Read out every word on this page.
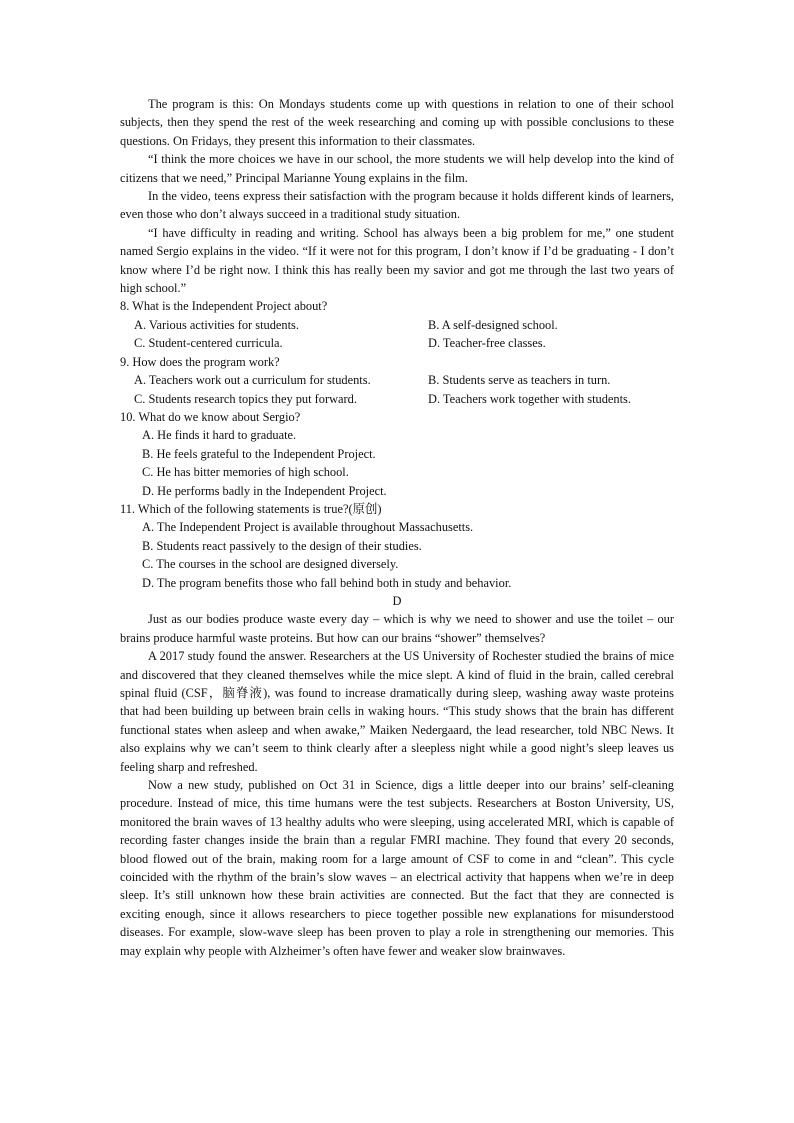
The program is this: On Mondays students come up with questions in relation to one of their school subjects, then they spend the rest of the week researching and coming up with possible conclusions to these questions. On Fridays, they present this information to their classmates.

“I think the more choices we have in our school, the more students we will help develop into the kind of citizens that we need,” Principal Marianne Young explains in the film.

In the video, teens express their satisfaction with the program because it holds different kinds of learners, even those who don’t always succeed in a traditional study situation.

“I have difficulty in reading and writing. School has always been a big problem for me,” one student named Sergio explains in the video. “If it were not for this program, I don’t know if I’d be graduating - I don’t know where I’d be right now. I think this has really been my savior and got me through the last two years of high school.”

8. What is the Independent Project about?

A. Various activities for students.	B. A self-designed school.
C. Student-centered curricula.	D. Teacher-free classes.

9. How does the program work?

A. Teachers work out a curriculum for students.	B. Students serve as teachers in turn.
C. Students research topics they put forward.	D. Teachers work together with students.

10. What do we know about Sergio?

A. He finds it hard to graduate.
B. He feels grateful to the Independent Project.
C. He has bitter memories of high school.
D. He performs badly in the Independent Project.

11. Which of the following statements is true?(原创)

A. The Independent Project is available throughout Massachusetts.
B. Students react passively to the design of their studies.
C. The courses in the school are designed diversely.
D. The program benefits those who fall behind both in study and behavior.

D

Just as our bodies produce waste every day – which is why we need to shower and use the toilet – our brains produce harmful waste proteins. But how can our brains “shower” themselves?

A 2017 study found the answer. Researchers at the US University of Rochester studied the brains of mice and discovered that they cleaned themselves while the mice slept. A kind of fluid in the brain, called cerebral spinal fluid (CSF，脑脊液), was found to increase dramatically during sleep, washing away waste proteins that had been building up between brain cells in waking hours. “This study shows that the brain has different functional states when asleep and when awake,” Maiken Nedergaard, the lead researcher, told NBC News. It also explains why we can’t seem to think clearly after a sleepless night while a good night’s sleep leaves us feeling sharp and refreshed.

Now a new study, published on Oct 31 in Science, digs a little deeper into our brains’ self-cleaning procedure. Instead of mice, this time humans were the test subjects. Researchers at Boston University, US, monitored the brain waves of 13 healthy adults who were sleeping, using accelerated MRI, which is capable of recording faster changes inside the brain than a regular FMRI machine. They found that every 20 seconds, blood flowed out of the brain, making room for a large amount of CSF to come in and “clean”. This cycle coincided with the rhythm of the brain’s slow waves – an electrical activity that happens when we’re in deep sleep. It’s still unknown how these brain activities are connected. But the fact that they are connected is exciting enough, since it allows researchers to piece together possible new explanations for misunderstood diseases. For example, slow-wave sleep has been proven to play a role in strengthening our memories. This may explain why people with Alzheimer’s often have fewer and weaker slow brainwaves.
